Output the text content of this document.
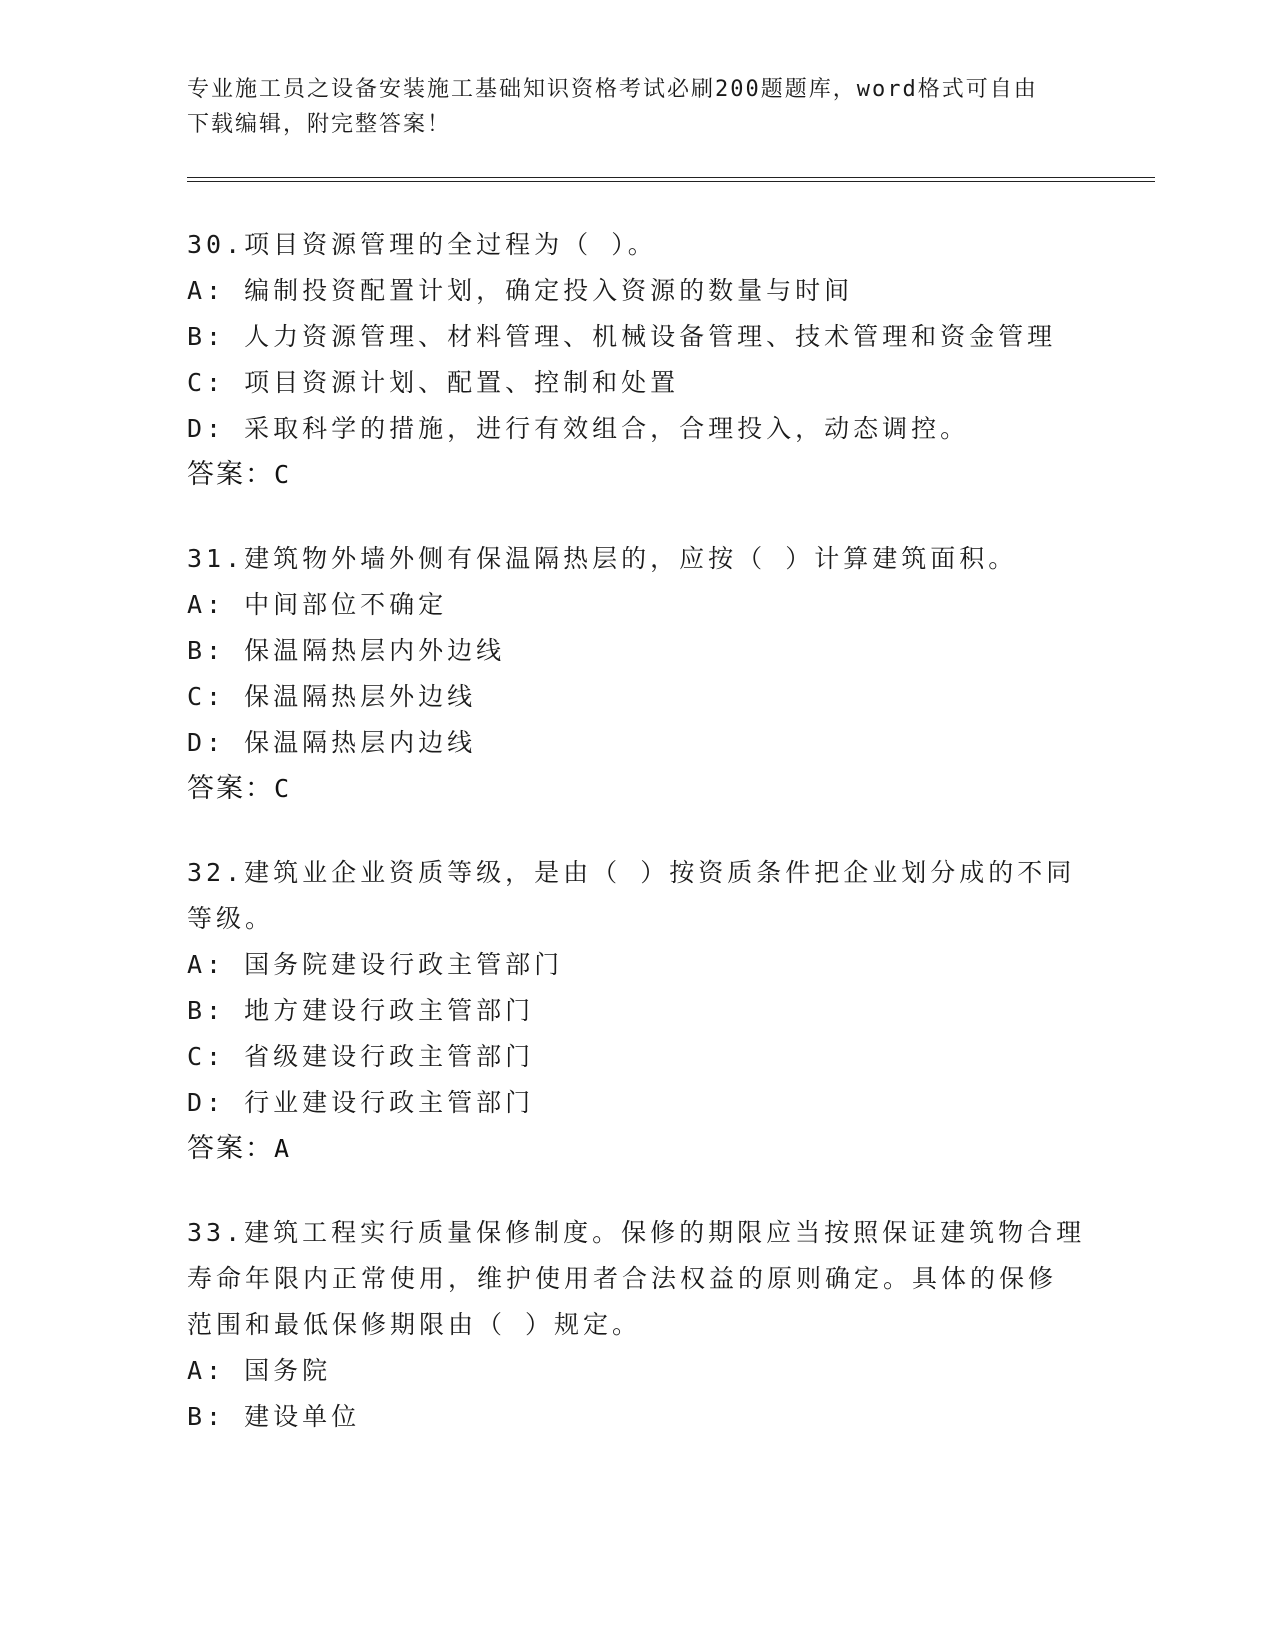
专业施工员之设备安装施工基础知识资格考试必刷200题题库，word格式可自由
下载编辑，附完整答案！
30.项目资源管理的全过程为（ ）。
A: 编制投资配置计划，确定投入资源的数量与时间
B: 人力资源管理、材料管理、机械设备管理、技术管理和资金管理
C: 项目资源计划、配置、控制和处置
D: 采取科学的措施，进行有效组合，合理投入，动态调控。
答案：C
31.建筑物外墙外侧有保温隔热层的，应按（ ）计算建筑面积。
A: 中间部位不确定
B: 保温隔热层内外边线
C: 保温隔热层外边线
D: 保温隔热层内边线
答案：C
32.建筑业企业资质等级，是由（ ）按资质条件把企业划分成的不同
等级。
A: 国务院建设行政主管部门
B: 地方建设行政主管部门
C: 省级建设行政主管部门
D: 行业建设行政主管部门
答案：A
33.建筑工程实行质量保修制度。保修的期限应当按照保证建筑物合理
寿命年限内正常使用，维护使用者合法权益的原则确定。具体的保修
范围和最低保修期限由（ ）规定。
A: 国务院
B: 建设单位
